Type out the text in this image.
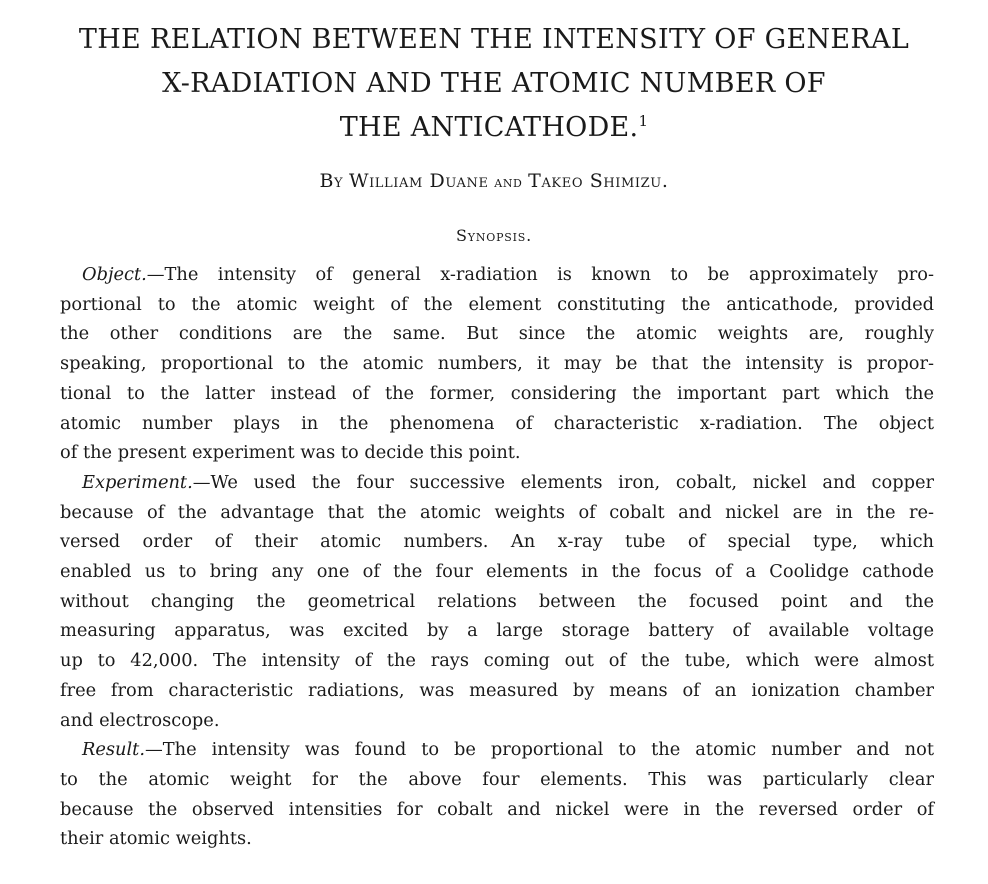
THE RELATION BETWEEN THE INTENSITY OF GENERAL
X-RADIATION AND THE ATOMIC NUMBER OF
THE ANTICATHODE.$^1$
By William Duane and Takeo Shimizu.
Synopsis.
Object.—The intensity of general x-radiation is known to be approximately pro-
portional to the atomic weight of the element constituting the anticathode, provided
the other conditions are the same. But since the atomic weights are, roughly
speaking, proportional to the atomic numbers, it may be that the intensity is propor-
tional to the latter instead of the former, considering the important part which the
atomic number plays in the phenomena of characteristic x-radiation. The object
of the present experiment was to decide this point.
Experiment.—We used the four successive elements iron, cobalt, nickel and copper
because of the advantage that the atomic weights of cobalt and nickel are in the re-
versed order of their atomic numbers. An x-ray tube of special type, which
enabled us to bring any one of the four elements in the focus of a Coolidge cathode
without changing the geometrical relations between the focused point and the
measuring apparatus, was excited by a large storage battery of available voltage
up to 42,000. The intensity of the rays coming out of the tube, which were almost
free from characteristic radiations, was measured by means of an ionization chamber
and electroscope.
Result.—The intensity was found to be proportional to the atomic number and not
to the atomic weight for the above four elements. This was particularly clear
because the observed intensities for cobalt and nickel were in the reversed order of
their atomic weights.
